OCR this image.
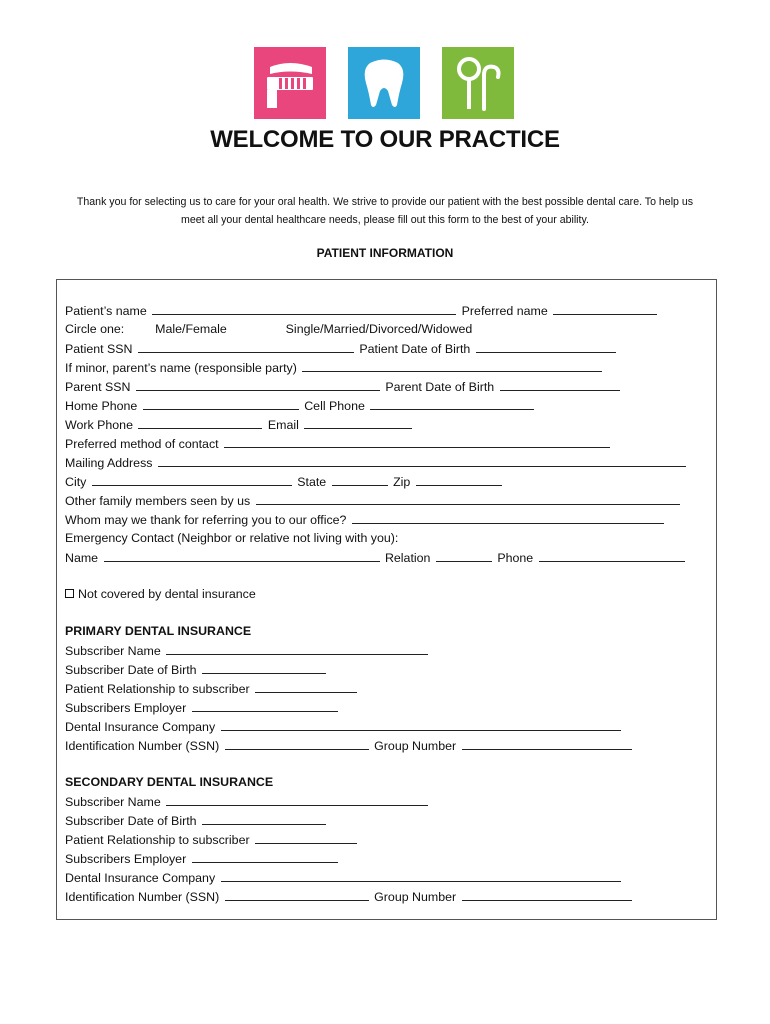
WELCOME TO OUR PRACTICE
Thank you for selecting us to care for your oral health. We strive to provide our patient with the best possible dental care. To help us
meet all your dental healthcare needs, please fill out this form to the best of your ability.
PATIENT INFORMATION
Patient’s name	Preferred name
Circle one: Male/Female	Single/Married/Divorced/Widowed
Patient SSN	Patient Date of Birth
If minor, parent’s name (responsible party)
Parent SSN	Parent Date of Birth
Home Phone	Cell Phone
Work Phone	Email
Preferred method of contact
Mailing Address
City	State	Zip
Other family members seen by us
Whom may we thank for referring you to our office?
Emergency Contact (Neighbor or relative not living with you):
Name	Relation	Phone
Not covered by dental insurance
PRIMARY DENTAL INSURANCE
Subscriber Name
Subscriber Date of Birth
Patient Relationship to subscriber
Subscribers Employer
Dental Insurance Company
Identification Number (SSN)	Group Number
SECONDARY DENTAL INSURANCE
Subscriber Name
Subscriber Date of Birth
Patient Relationship to subscriber
Subscribers Employer
Dental Insurance Company
Identification Number (SSN)	Group Number
